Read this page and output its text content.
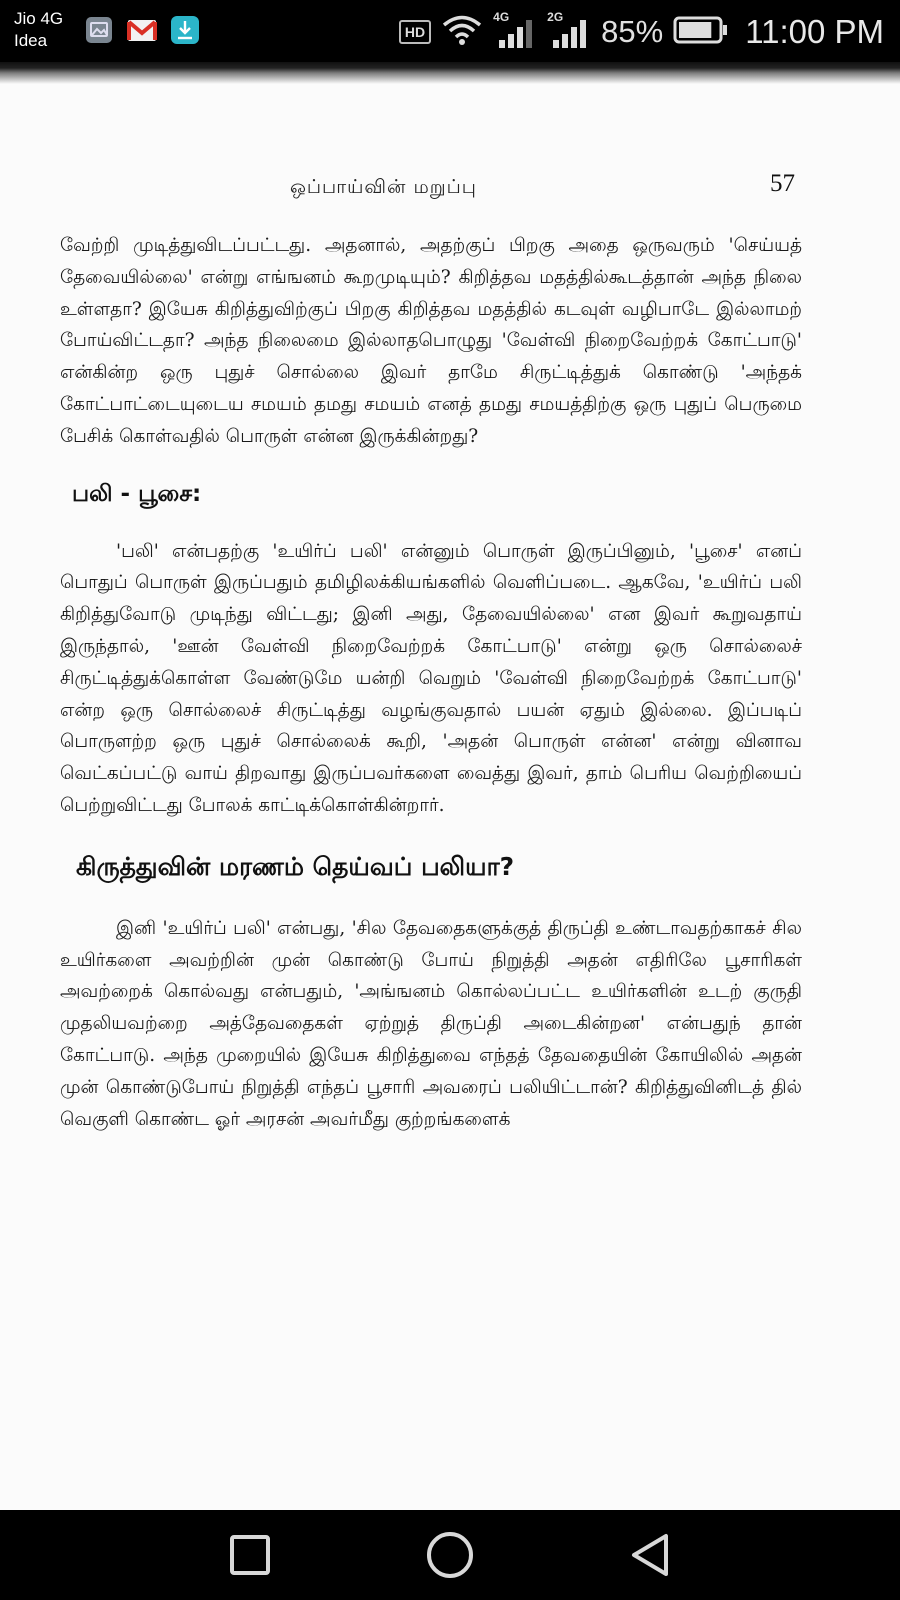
Jio 4G
Idea	HD
4G	2G 85% 11:00 PM
ஒப்பாய்வின் மறுப்பு	57

வேற்றி முடித்துவிடப்பட்டது. அதனால், அதற்குப் பிறகு அதை ஒருவரும் 'செய்யத் தேவையில்லை' என்று எங்ஙனம் கூறமுடியும்? கிறித்தவ மதத்தில்கூடத்தான் அந்த நிலை உள்ளதா? இயேசு கிறித்துவிற்குப் பிறகு கிறித்தவ மதத்தில் கடவுள் வழிபாடே இல்லாமற் போய்விட்டதா? அந்த நிலைமை இல்லாதபொழுது 'வேள்வி நிறைவேற்றக் கோட்பாடு' என்கின்ற ஒரு புதுச் சொல்லை இவர் தாமே சிருட்டித்துக் கொண்டு 'அந்தக் கோட்பாட்டையுடைய சமயம் தமது சமயம் எனத் தமது சமயத்திற்கு ஒரு புதுப் பெருமை பேசிக் கொள்வதில் பொருள் என்ன இருக்கின்றது?

பலி - பூசை:

'பலி' என்பதற்கு 'உயிர்ப் பலி' என்னும் பொருள் இருப்பினும், 'பூசை' எனப் பொதுப் பொருள் இருப்பதும் தமிழிலக்கியங்களில் வெளிப்படை. ஆகவே, 'உயிர்ப் பலி கிறித்துவோடு முடிந்து விட்டது; இனி அது, தேவையில்லை' என இவர் கூறுவதாய் இருந்தால், 'ஊன் வேள்வி நிறைவேற்றக் கோட்பாடு' என்று ஒரு சொல்லைச் சிருட்டித்துக்கொள்ள வேண்டுமே யன்றி வெறும் 'வேள்வி நிறைவேற்றக் கோட்பாடு' என்ற ஒரு சொல்லைச் சிருட்டித்து வழங்குவதால் பயன் ஏதும் இல்லை. இப்படிப் பொருளற்ற ஒரு புதுச் சொல்லைக் கூறி, 'அதன் பொருள் என்ன' என்று வினாவ வெட்கப்பட்டு வாய் திறவாது இருப்பவர்களை வைத்து இவர், தாம் பெரிய வெற்றியைப் பெற்றுவிட்டது போலக் காட்டிக்கொள்கின்றார்.

கிருத்துவின் மரணம் தெய்வப் பலியா?

இனி 'உயிர்ப் பலி' என்பது, 'சில தேவதைகளுக்குத் திருப்தி உண்டாவதற்காகச் சில உயிர்களை அவற்றின் முன் கொண்டு போய் நிறுத்தி அதன் எதிரிலே பூசாரிகள் அவற்றைக் கொல்வது என்பதும், 'அங்ஙனம் கொல்லப்பட்ட உயிர்களின் உடற் குருதி முதலியவற்றை அத்தேவதைகள் ஏற்றுத் திருப்தி அடைகின்றன' என்பதுந் தான் கோட்பாடு. அந்த முறையில் இயேசு கிறித்துவை எந்தத் தேவதையின் கோயிலில் அதன் முன் கொண்டுபோய் நிறுத்தி எந்தப் பூசாரி அவரைப் பலியிட்டான்? கிறித்துவினிடத் தில் வெகுளி கொண்ட ஓர் அரசன் அவர்மீது குற்றங்களைக்
